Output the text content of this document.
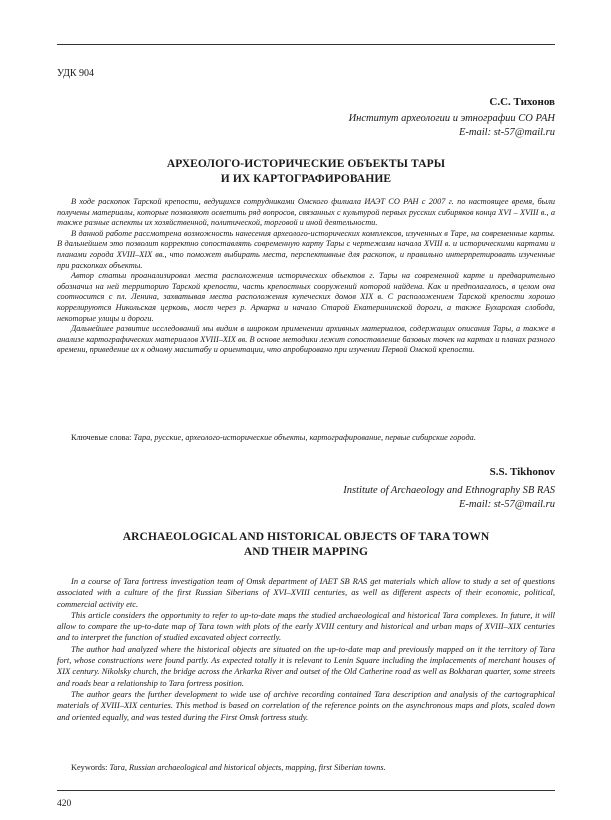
УДК 904
С.С. Тихонов
Институт археологии и этнографии СО РАН
E-mail: st-57@mail.ru
АРХЕОЛОГО-ИСТОРИЧЕСКИЕ ОБЪЕКТЫ ТАРЫ
И ИХ КАРТОГРАФИРОВАНИЕ

В ходе раскопок Тарской крепости, ведущихся сотрудниками Омского филиала ИАЭТ СО РАН с 2007 г. по настоящее время, были получены материалы, которые позволяют осветить ряд вопросов, связанных с культурой первых русских сибиряков конца XVI – XVIII в., а также разные аспекты их хозяйственной, политической, торговой и иной деятельности.

В данной работе рассмотрена возможность нанесения археолого-исторических комплексов, изученных в Таре, на современные карты. В дальнейшем это позволит корректно сопоставлять современную карту Тары с чертежами начала XVIII в. и историческими картами и планами города XVIII–XIX вв., что поможет выбирать места, перспективные для раскопок, и правильно интерпретировать изученные при раскопках объекты.

Автор статьи проанализировал места расположения исторических объектов г. Тары на современной карте и предварительно обозначил на ней территорию Тарской крепости, часть крепостных сооружений которой найдена. Как и предполагалось, в целом она соотносится с пл. Ленина, захватывая места расположения купеческих домов XIX в. С расположением Тарской крепости хорошо коррелируются Никольская церковь, мост через р. Аркарка и начало Старой Екатерининской дороги, а также Бухарская слобода, некоторые улицы и дороги.

Дальнейшее развитие исследований мы видим в широком применении архивных материалов, содержащих описания Тары, а также в анализе картографических материалов XVIII–XIX вв. В основе методики лежит сопоставление базовых точек на картах и планах разного времени, приведение их к одному масштабу и ориентации, что апробировано при изучении Первой Омской крепости.

Ключевые слова: Тара, русские, археолого-исторические объекты, картографирование, первые сибирские города.
S.S. Tikhonov
Institute of Archaeology and Ethnography SB RAS
E-mail: st-57@mail.ru
ARCHAEOLOGICAL AND HISTORICAL OBJECTS OF TARA TOWN
AND THEIR MAPPING

In a course of Tara fortress investigation team of Omsk department of IAET SB RAS get materials which allow to study a set of questions associated with a culture of the first Russian Siberians of XVI–XVIII centuries, as well as different aspects of their economic, political, commercial activity etc.

This article considers the opportunity to refer to up-to-date maps the studied archaeological and historical Tara complexes. In future, it will allow to compare the up-to-date map of Tara town with plots of the early XVIII century and historical and urban maps of XVIII–XIX centuries and to interpret the function of studied excavated object correctly.

The author had analyzed where the historical objects are situated on the up-to-date map and previously mapped on it the territory of Tara fort, whose constructions were found partly. As expected totally it is relevant to Lenin Square including the implacements of merchant houses of XIX century. Nikolsky church, the bridge across the Arkarka River and outset of the Old Catherine road as well as Bokharan quarter, some streets and roads bear a relationship to Tara fortress position.

The author gears the further development to wide use of archive recording contained Tara description and analysis of the cartographical materials of XVIII–XIX centuries. This method is based on correlation of the reference points on the asynchronous maps and plots, scaled down and oriented equally, and was tested during the First Omsk fortress study.

Keywords: Tara, Russian archaeological and historical objects, mapping, first Siberian towns.
420
